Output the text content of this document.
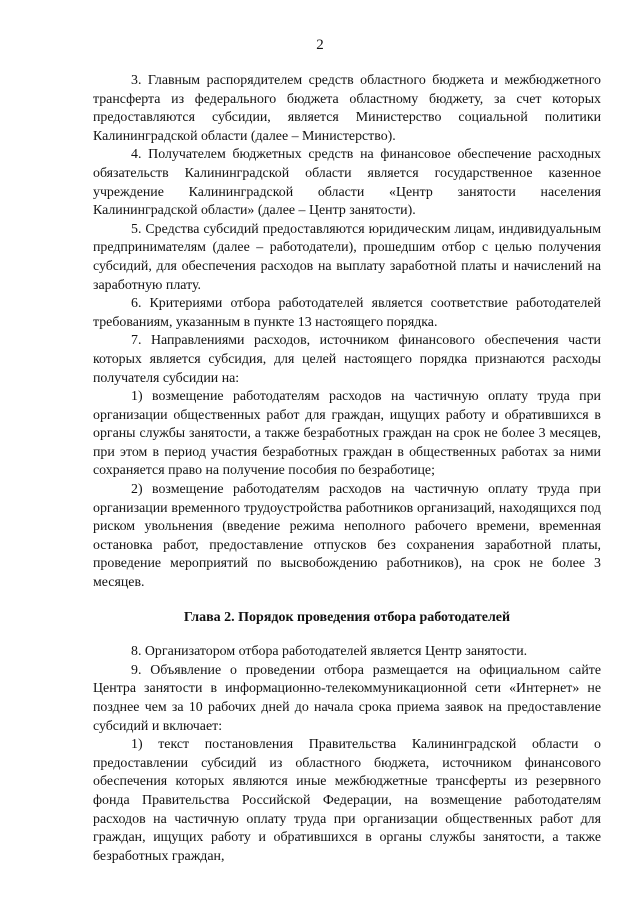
2

3. Главным распорядителем средств областного бюджета и межбюджетного трансферта из федерального бюджета областному бюджету, за счет которых предоставляются субсидии, является Министерство социальной политики Калининградской области (далее – Министерство).

4. Получателем бюджетных средств на финансовое обеспечение расходных обязательств Калининградской области является государственное казенное учреждение Калининградской области «Центр занятости населения Калининградской области» (далее – Центр занятости).

5. Средства субсидий предоставляются юридическим лицам, индивидуальным предпринимателям (далее – работодатели), прошедшим отбор с целью получения субсидий, для обеспечения расходов на выплату заработной платы и начислений на заработную плату.

6. Критериями отбора работодателей является соответствие работодателей требованиям, указанным в пункте 13 настоящего порядка.

7. Направлениями расходов, источником финансового обеспечения части которых является субсидия, для целей настоящего порядка признаются расходы получателя субсидии на:

1) возмещение работодателям расходов на частичную оплату труда при организации общественных работ для граждан, ищущих работу и обратившихся в органы службы занятости, а также безработных граждан на срок не более 3 месяцев, при этом в период участия безработных граждан в общественных работах за ними сохраняется право на получение пособия по безработице;

2) возмещение работодателям расходов на частичную оплату труда при организации временного трудоустройства работников организаций, находящихся под риском увольнения (введение режима неполного рабочего времени, временная остановка работ, предоставление отпусков без сохранения заработной платы, проведение мероприятий по высвобождению работников), на срок не более 3 месяцев.

Глава 2. Порядок проведения отбора работодателей

8. Организатором отбора работодателей является Центр занятости.

9. Объявление о проведении отбора размещается на официальном сайте Центра занятости в информационно-телекоммуникационной сети «Интернет» не позднее чем за 10 рабочих дней до начала срока приема заявок на предоставление субсидий и включает:

1) текст постановления Правительства Калининградской области о предоставлении субсидий из областного бюджета, источником финансового обеспечения которых являются иные межбюджетные трансферты из резервного фонда Правительства Российской Федерации, на возмещение работодателям расходов на частичную оплату труда при организации общественных работ для граждан, ищущих работу и обратившихся в органы службы занятости, а также безработных граждан,
